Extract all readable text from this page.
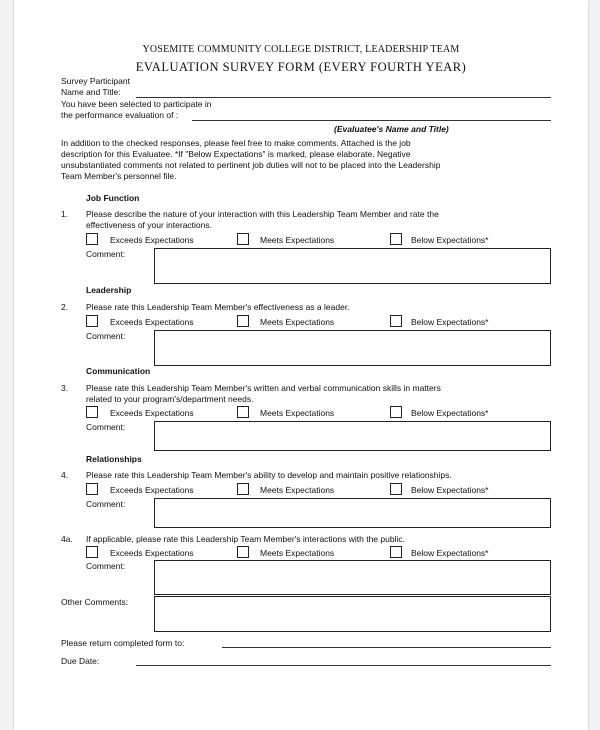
YOSEMITE COMMUNITY COLLEGE DISTRICT, LEADERSHIP TEAM
EVALUATION SURVEY FORM (EVERY FOURTH YEAR)
Survey Participant
Name and Title:
You have been selected to participate in
the performance evaluation of :
(Evaluatee's Name and Title)
In addition to the checked responses, please feel free to make comments. Attached is the job
description for this Evaluatee. *If "Below Expectations" is marked, please elaborate. Negative
unsubstantiated comments not related to pertinent job duties will not to be placed into the Leadership
Team Member's personnel file.
Job Function
1. Please describe the nature of your interaction with this Leadership Team Member and rate the
effectiveness of your interactions.
Exceeds Expectations	Meets Expectations	Below Expectations*
Comment:
Leadership
2. Please rate this Leadership Team Member's effectiveness as a leader.
Exceeds Expectations	Meets Expectations	Below Expectations*
Comment:
Communication
3. Please rate this Leadership Team Member's written and verbal communication skills in matters
related to your program's/department needs.
Exceeds Expectations	Meets Expectations	Below Expectations*
Comment:
Relationships
4. Please rate this Leadership Team Member's ability to develop and maintain positive relationships.
Exceeds Expectations	Meets Expectations	Below Expectations*
Comment:
4a. If applicable, please rate this Leadership Team Member's interactions with the public.
Exceeds Expectations	Meets Expectations	Below Expectations*
Comment:
Other Comments:
Please return completed form to:
Due Date:
